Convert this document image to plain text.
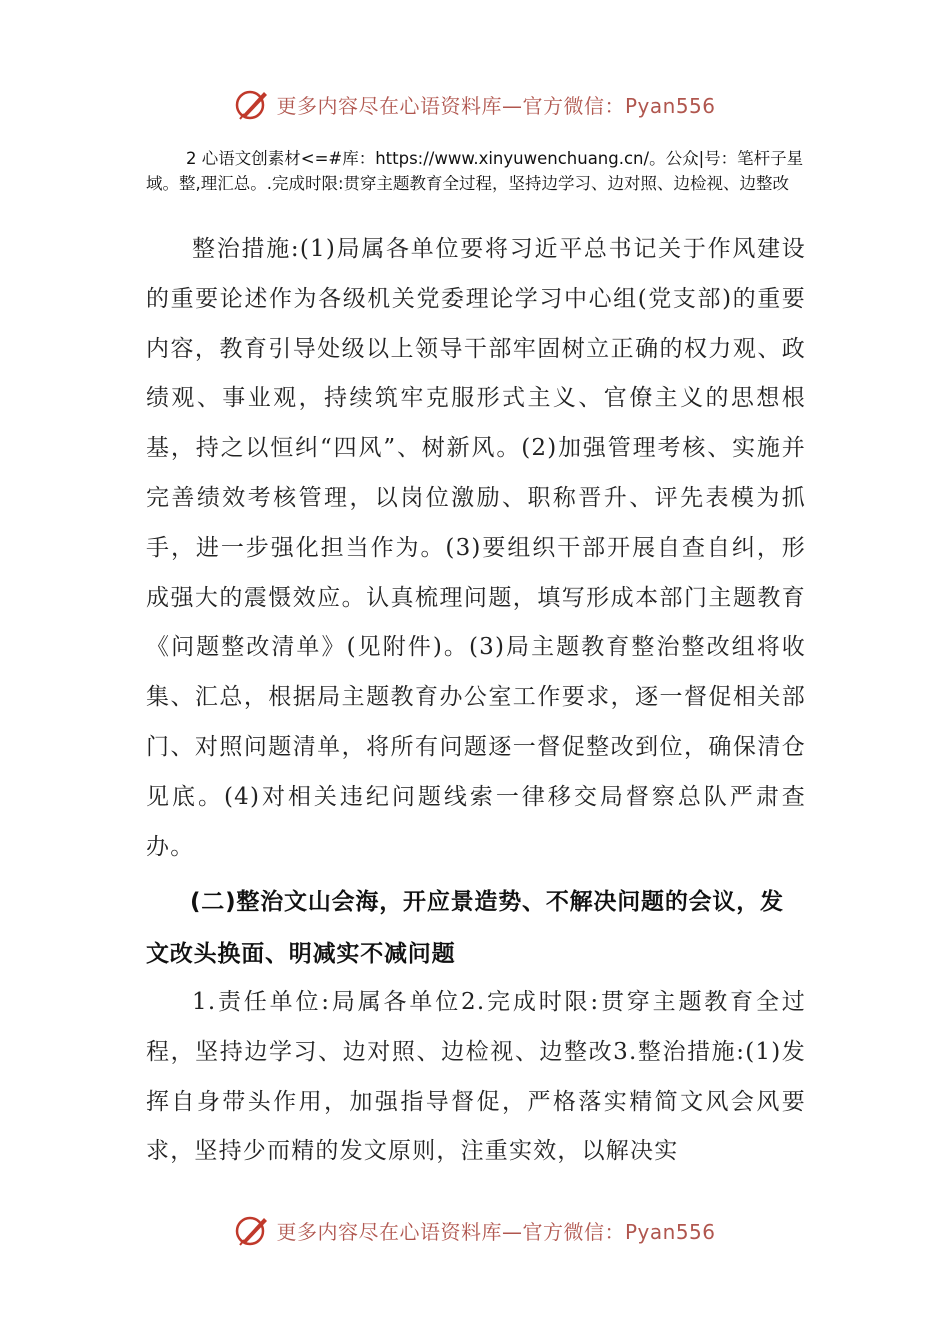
更多内容尽在心语资料库—官方微信：Pyan556
2 心语文创素材<=#库：https://www.xinyuwenchuang.cn/。公众|号：笔杆子星域。整,理汇总。.完成时限:贯穿主题教育全过程，坚持边学习、边对照、边检视、边整改
整治措施:(1)局属各单位要将习近平总书记关于作风建设的重要论述作为各级机关党委理论学习中心组(党支部)的重要内容，教育引导处级以上领导干部牢固树立正确的权力观、政绩观、事业观，持续筑牢克服形式主义、官僚主义的思想根基，持之以恒纠“四风”、树新风。(2)加强管理考核、实施并完善绩效考核管理，以岗位激励、职称晋升、评先表模为抓手，进一步强化担当作为。(3)要组织干部开展自查自纠，形成强大的震慑效应。认真梳理问题，填写形成本部门主题教育《问题整改清单》(见附件)。(3)局主题教育整治整改组将收集、汇总，根据局主题教育办公室工作要求，逐一督促相关部门、对照问题清单，将所有问题逐一督促整改到位，确保清仓见底。(4)对相关违纪问题线索一律移交局督察总队严肃查办。
(二)整治文山会海，开应景造势、不解决问题的会议，发文改头换面、明减实不减问题
1.责任单位:局属各单位2.完成时限:贯穿主题教育全过程，坚持边学习、边对照、边检视、边整改3.整治措施:(1)发挥自身带头作用，加强指导督促，严格落实精简文风会风要求，坚持少而精的发文原则，注重实效，以解决实
更多内容尽在心语资料库—官方微信：Pyan556
